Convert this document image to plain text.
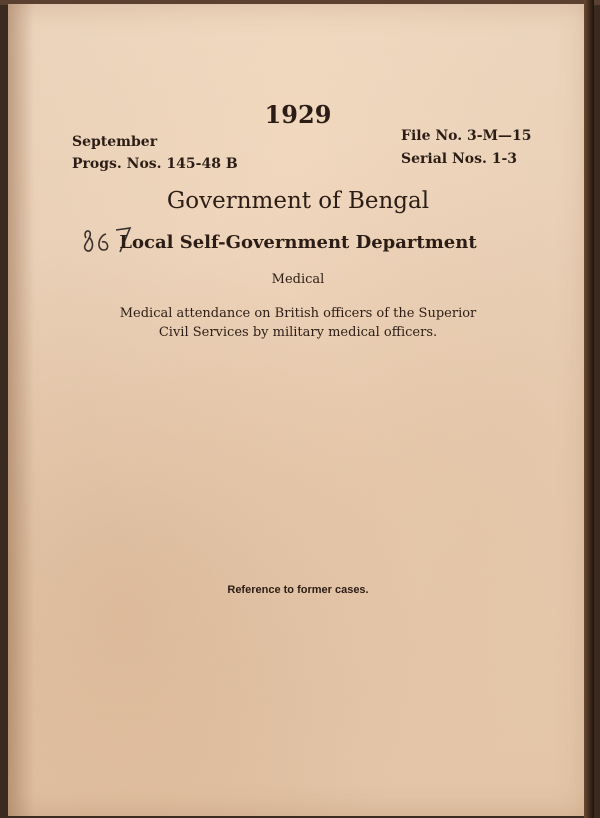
1929
September
Progs. Nos. 145-48 B
File No. 3-M—15
Serial Nos. 1-3
Government of Bengal
Local Self-Government Department
Medical
Medical attendance on British officers of the Superior
Civil Services by military medical officers.
Reference to former cases.
